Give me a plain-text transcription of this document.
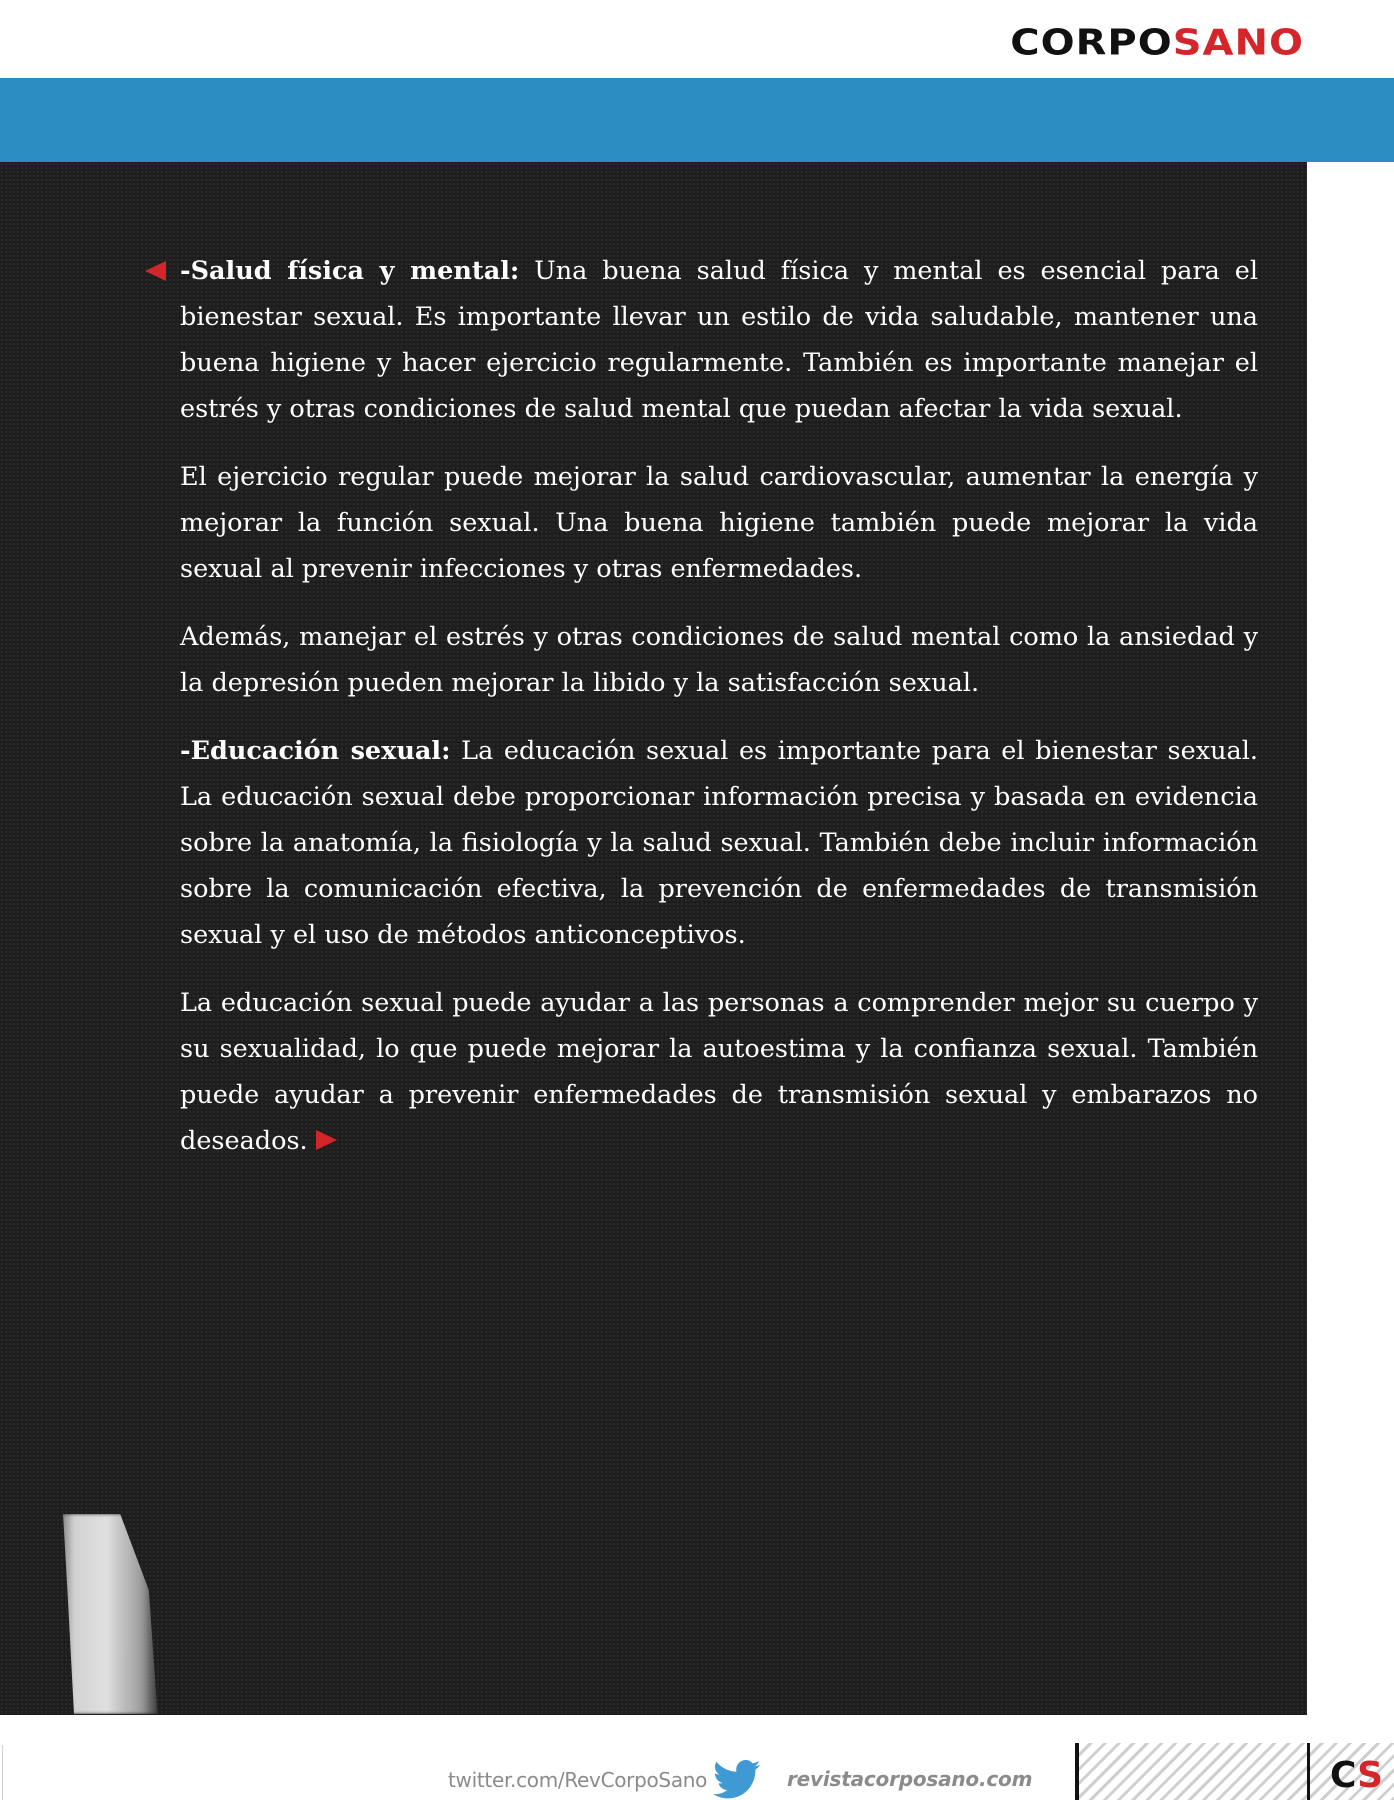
CORPOSANO

-Salud física y mental: Una buena salud física y mental es esencial para el bienestar sexual. Es importante llevar un estilo de vida saludable, mantener una buena higiene y hacer ejercicio regularmente. También es importante manejar el estrés y otras condiciones de salud mental que puedan afectar la vida sexual.

El ejercicio regular puede mejorar la salud cardiovascular, aumentar la energía y mejorar la función sexual. Una buena higiene también puede mejorar la vida sexual al prevenir infecciones y otras enfermedades.

Además, manejar el estrés y otras condiciones de salud mental como la ansiedad y la depresión pueden mejorar la libido y la satisfacción sexual.

-Educación sexual: La educación sexual es importante para el bienestar sexual. La educación sexual debe proporcionar información precisa y basada en evidencia sobre la anatomía, la fisiología y la salud sexual. También debe incluir información sobre la comunicación efectiva, la prevención de enfermedades de transmisión sexual y el uso de métodos anticonceptivos.

La educación sexual puede ayudar a las personas a comprender mejor su cuerpo y su sexualidad, lo que puede mejorar la autoestima y la confianza sexual. También puede ayudar a prevenir enfermedades de transmisión sexual y embarazos no deseados.

twitter.com/RevCorpoSano	revistacorposano.com	CS
